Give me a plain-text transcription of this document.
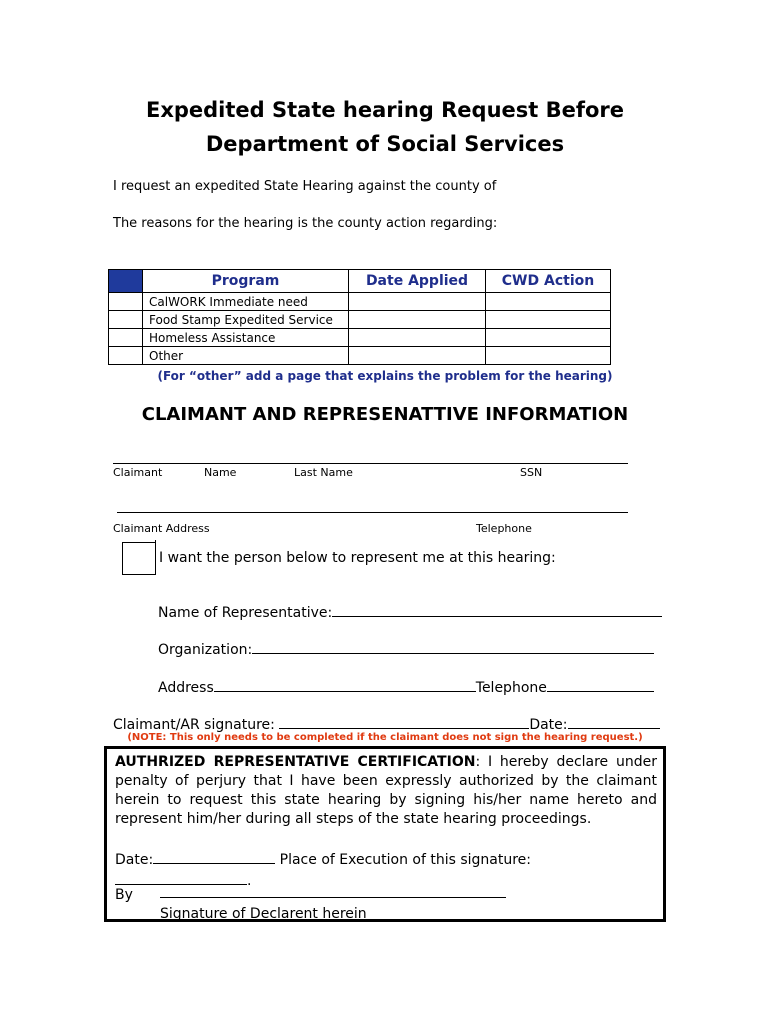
Expedited State hearing Request Before
Department of Social Services
I request an expedited State Hearing against the county of
The reasons for the hearing is the county action regarding:
	Program	Date Applied	CWD Action
	CalWORK Immediate need		
	Food Stamp Expedited Service		
	Homeless Assistance		
	Other		
(For “other” add a page that explains the problem for the hearing)
CLAIMANT AND REPRESENATTIVE INFORMATION
Claimant	Name	Last Name	SSN
Claimant Address	Telephone
I want the person below to represent me at this hearing:
Name of Representative:
Organization:
Address	Telephone
Claimant/AR signature:	Date:
(NOTE: This only needs to be completed if the claimant does not sign the hearing request.)
AUTHRIZED REPRESENTATIVE CERTIFICATION: I hereby declare under penalty of perjury that I have been expressly authorized by the claimant herein to request this state hearing by signing his/her name hereto and represent him/her during all steps of the state hearing proceedings.
Date:	Place of Execution of this signature:.
By
Signature of Declarent herein
